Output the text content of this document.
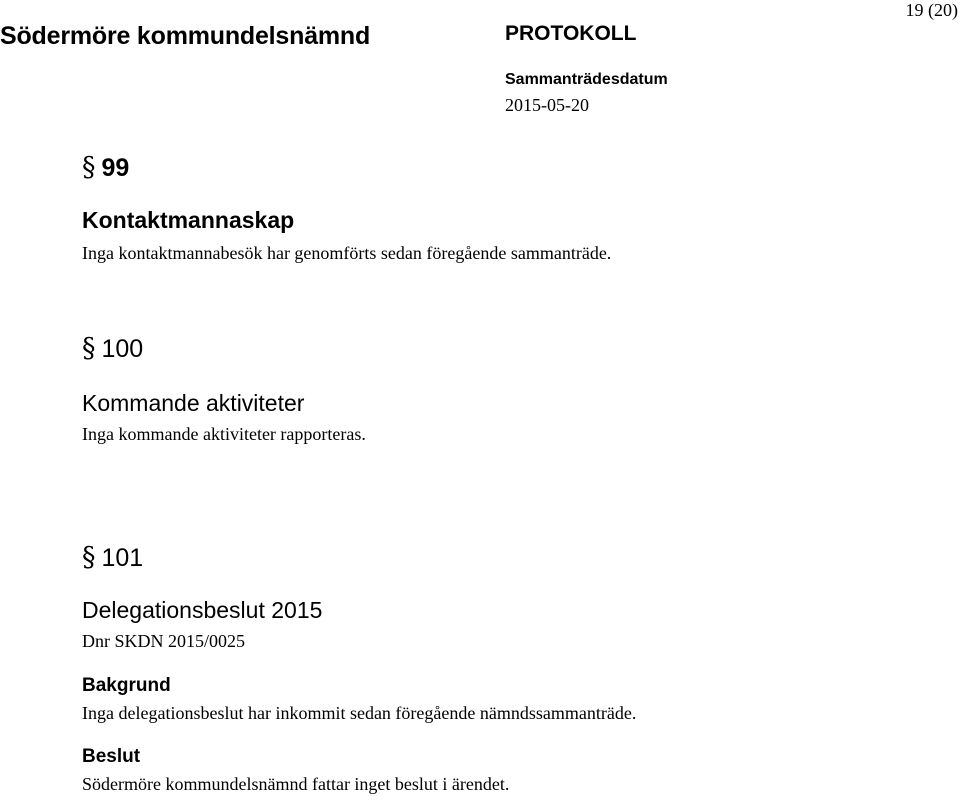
Södermöre kommundelsnämnd	PROTOKOLL
19 (20)
Sammanträdesdatum
2015-05-20
§ 99
Kontaktmannaskap
Inga kontaktmannabesök har genomförts sedan föregående sammanträde.
§ 100
Kommande aktiviteter
Inga kommande aktiviteter rapporteras.
§ 101
Delegationsbeslut 2015
Dnr SKDN 2015/0025
Bakgrund
Inga delegationsbeslut har inkommit sedan föregående nämndssammanträde.
Beslut
Södermöre kommundelsnämnd fattar inget beslut i ärendet.
